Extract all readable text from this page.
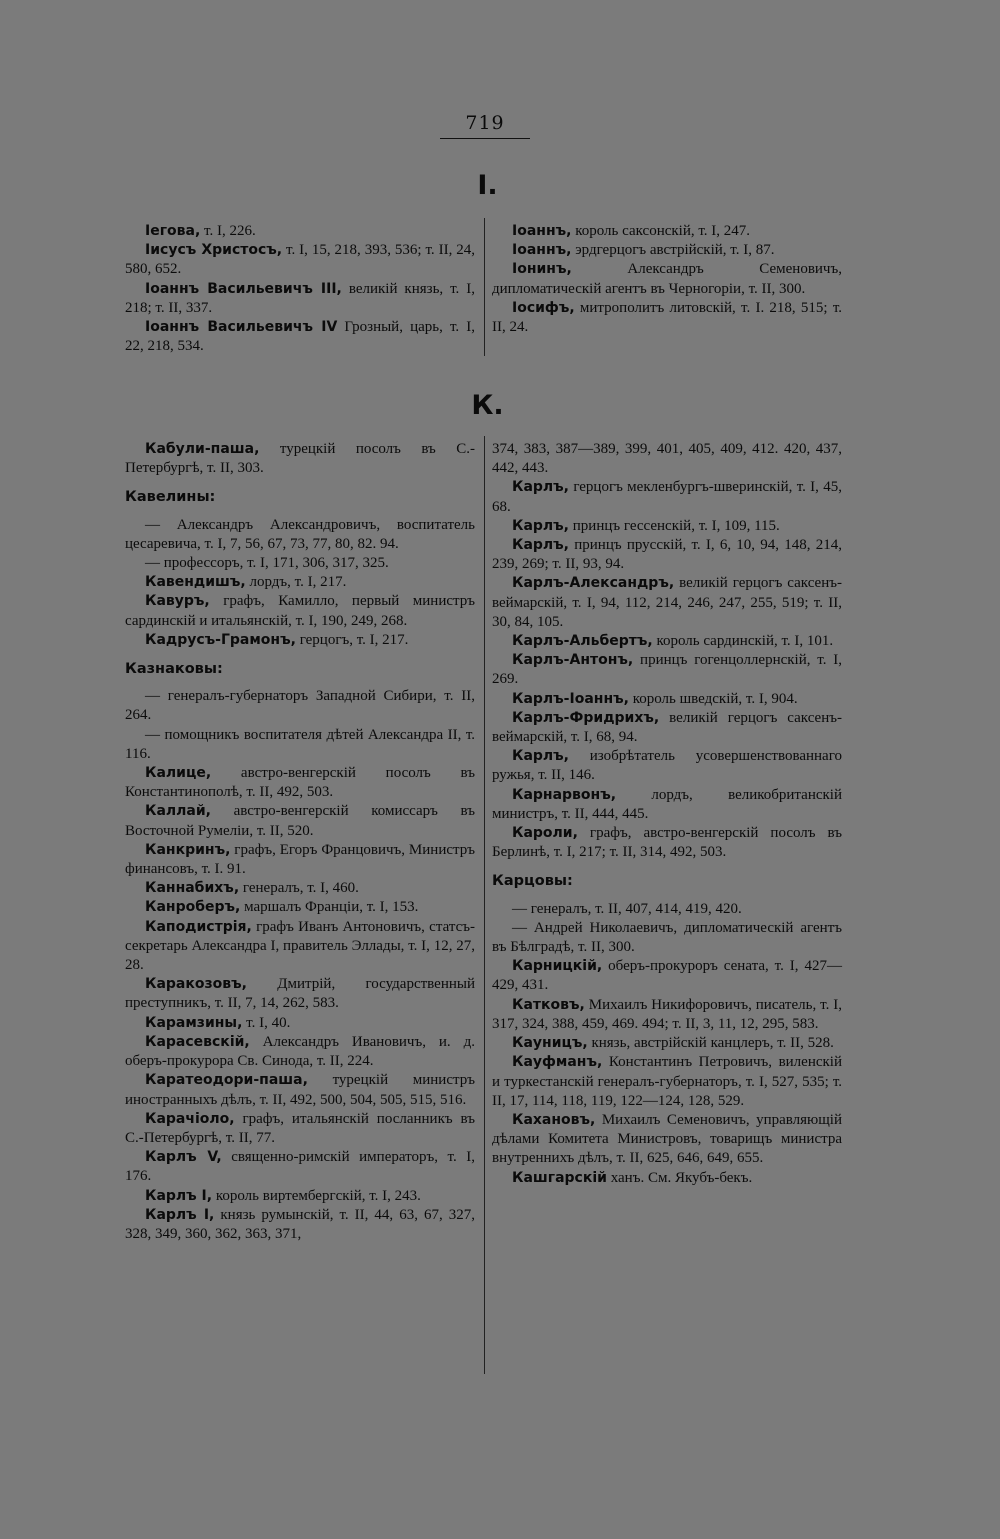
719
I.

Iегова, т. I, 226.

Iисусъ Христосъ, т. I, 15, 218, 393, 536; т. II, 24, 580, 652.

Iоаннъ Васильевичъ III, великiй князь, т. I, 218; т. II, 337.

Iоаннъ Васильевичъ IV Грозный, царь, т. I, 22, 218, 534.

Iоаннъ, король саксонскiй, т. I, 247.

Iоаннъ, эрдгерцогъ австрiйскiй, т. I, 87.

Iонинъ, Александръ Семеновичъ, дипломатическiй агентъ въ Черногорiи, т. II, 300.

Iосифъ, митрополитъ литовскiй, т. I. 218, 515; т. II, 24.

К.

Кабули-паша, турецкiй посолъ въ С.-Петербургѣ, т. II, 303.

Кавелины:

— Александръ Александровичъ, воспитатель цесаревича, т. I, 7, 56, 67, 73, 77, 80, 82. 94.

— профессоръ, т. I, 171, 306, 317, 325.

Кавендишъ, лордъ, т. I, 217.

Кавуръ, графъ, Камилло, первый министръ сардинскiй и итальянскiй, т. I, 190, 249, 268.

Кадрусъ-Грамонъ, герцогъ, т. I, 217.

Казнаковы:

— генералъ-губернаторъ Западной Сибири, т. II, 264.

— помощникъ воспитателя дѣтей Александра II, т. 116.

Калице, австро-венгерскiй посолъ въ Константинополѣ, т. II, 492, 503.

Каллай, австро-венгерскiй комиссаръ въ Восточной Румелiи, т. II, 520.

Канкринъ, графъ, Егоръ Францовичъ, Министръ финансовъ, т. I. 91.

Каннабихъ, генералъ, т. I, 460.

Канроберъ, маршалъ Францiи, т. I, 153.

Каподистрiя, графъ Иванъ Антоновичъ, статсъ-секретарь Александра I, правитель Эллады, т. I, 12, 27, 28.

Каракозовъ, Дмитрiй, государственный преступникъ, т. II, 7, 14, 262, 583.

Карамзины, т. I, 40.

Карасевскiй, Александръ Ивановичъ, и. д. оберъ-прокурора Св. Синода, т. II, 224.

Каратеодори-паша, турецкiй министръ иностранныхъ дѣлъ, т. II, 492, 500, 504, 505, 515, 516.

Карачiоло, графъ, итальянскiй посланникъ въ С.-Петербургѣ, т. II, 77.

Карлъ V, священно-римскiй императоръ, т. I, 176.

Карлъ I, король виртембергскiй, т. I, 243.

Карлъ I, князь румынскiй, т. II, 44, 63, 67, 327, 328, 349, 360, 362, 363, 371,

374, 383, 387—389, 399, 401, 405, 409, 412. 420, 437, 442, 443.

Карлъ, герцогъ мекленбургъ-шверинскiй, т. I, 45, 68.

Карлъ, принцъ гессенскiй, т. I, 109, 115.

Карлъ, принцъ прусскiй, т. I, 6, 10, 94, 148, 214, 239, 269; т. II, 93, 94.

Карлъ-Александръ, великiй герцогъ саксенъ-веймарскiй, т. I, 94, 112, 214, 246, 247, 255, 519; т. II, 30, 84, 105.

Карлъ-Альбертъ, король сардинскiй, т. I, 101.

Карлъ-Антонъ, принцъ гогенцоллернскiй, т. I, 269.

Карлъ-Iоаннъ, король шведскiй, т. I, 904.

Карлъ-Фридрихъ, великiй герцогъ саксенъ-веймарскiй, т. I, 68, 94.

Карлъ, изобрѣтатель усовершенствованнаго ружья, т. II, 146.

Карнарвонъ, лордъ, великобританскiй министръ, т. II, 444, 445.

Кароли, графъ, австро-венгерскiй посолъ въ Берлинѣ, т. I, 217; т. II, 314, 492, 503.

Карцовы:

— генералъ, т. II, 407, 414, 419, 420.

— Андрей Николаевичъ, дипломатическiй агентъ въ Бѣлградѣ, т. II, 300.

Карницкiй, оберъ-прокуроръ сената, т. I, 427—429, 431.

Катковъ, Михаилъ Никифоровичъ, писатель, т. I, 317, 324, 388, 459, 469. 494; т. II, 3, 11, 12, 295, 583.

Кауницъ, князь, австрiйскiй канцлеръ, т. II, 528.

Кауфманъ, Константинъ Петровичъ, виленскiй и туркестанскiй генералъ-губернаторъ, т. I, 527, 535; т. II, 17, 114, 118, 119, 122—124, 128, 529.

Кахановъ, Михаилъ Семеновичъ, управляющiй дѣлами Комитета Министровъ, товарищъ министра внутреннихъ дѣлъ, т. II, 625, 646, 649, 655.

Кашгарскiй ханъ. См. Якубъ-бекъ.
